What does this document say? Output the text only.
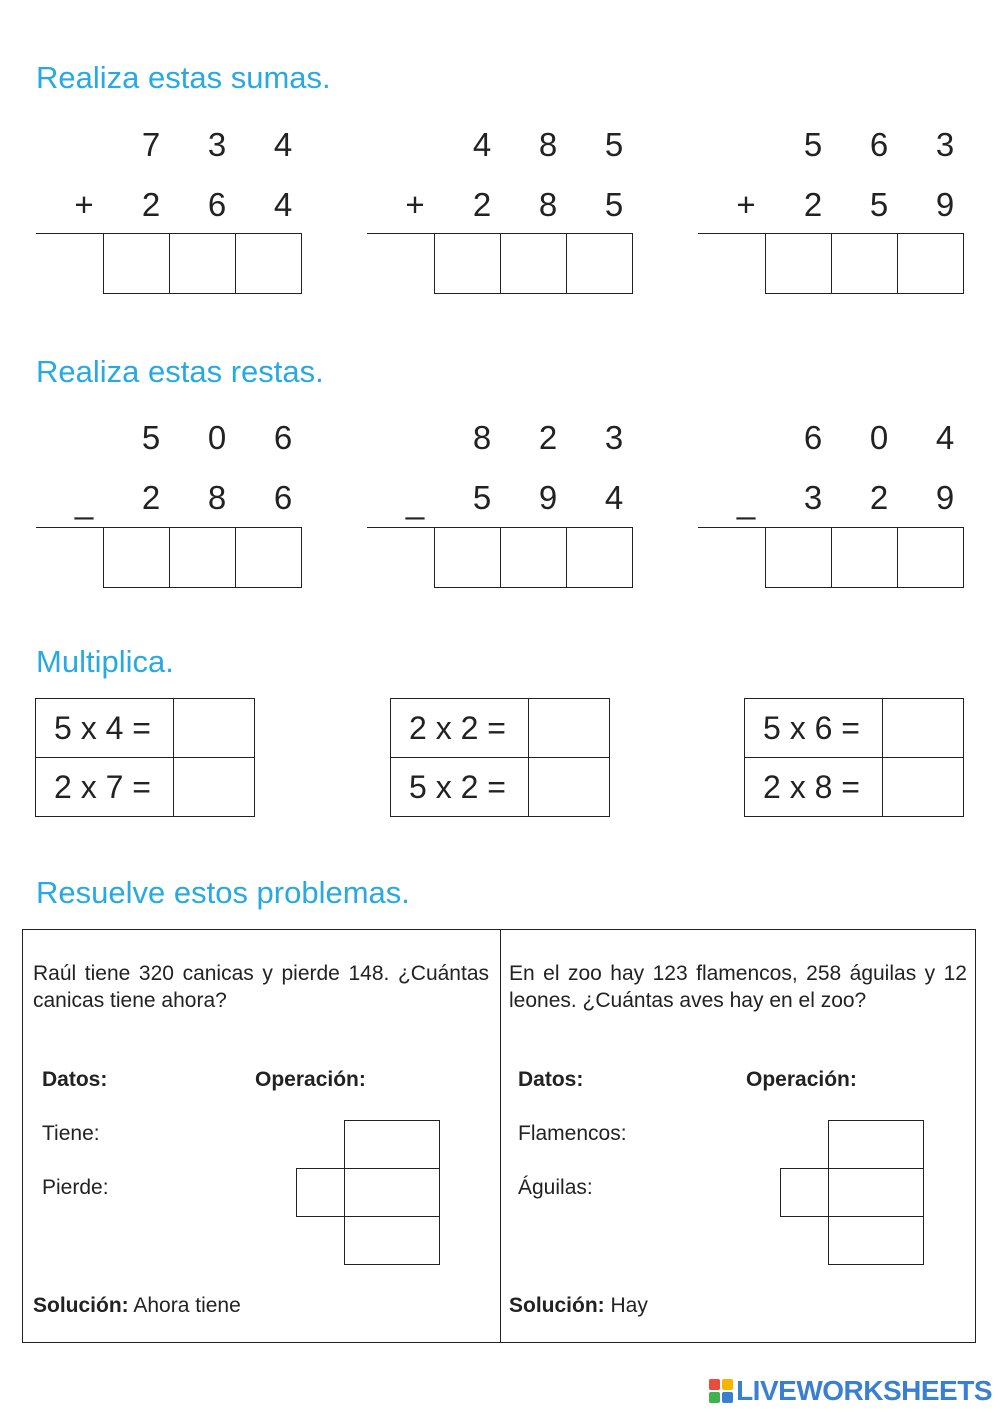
Realiza estas sumas.
7	3	4
+	2	6	4
4	8	5
+	2	8	5
5	6	3
+	2	5	9
Realiza estas restas.
5	0	6
_	2	8	6
8	2	3
_	5	9	4
6	0	4
_	3	2	9
Multiplica.
5 x 4 =	
2 x 7 =	
2 x 2 =	
5 x 2 =	
5 x 6 =	
2 x 8 =	
Resuelve estos problemas.
Raúl tiene 320 canicas y pierde 148. ¿Cuántas canicas tiene ahora?
Datos:	Operación:
Tiene:
Pierde:
Solución: Ahora tiene
En el zoo hay 123 flamencos, 258 águilas y 12 leones. ¿Cuántas aves hay en el zoo?
Datos:	Operación:
Flamencos:
Águilas:
Solución: Hay
LIVEWORKSHEETS
